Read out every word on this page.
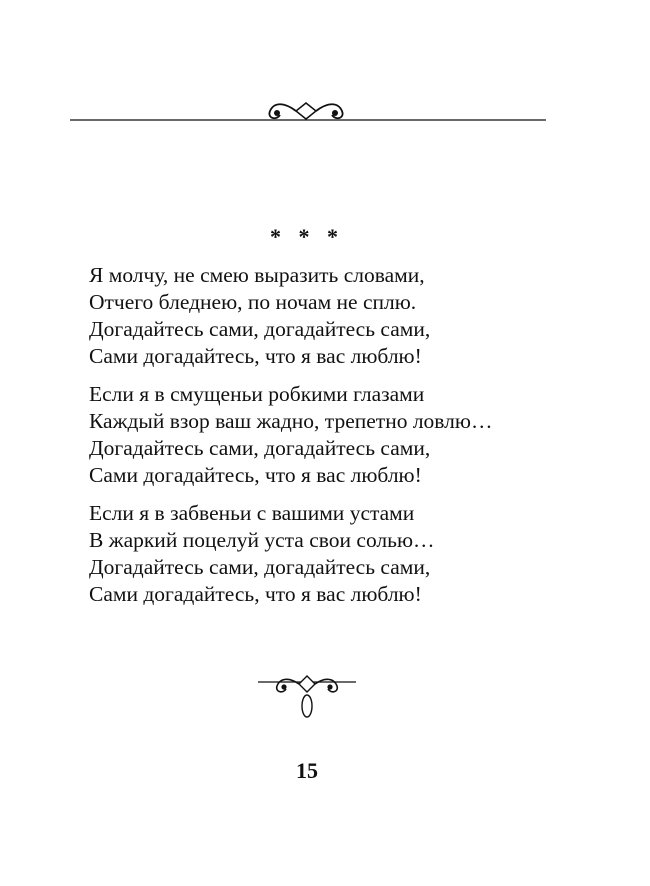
* * *
Я молчу, не смею выразить словами,
Отчего бледнею, по ночам не сплю.
Догадайтесь сами, догадайтесь сами,
Сами догадайтесь, что я вас люблю!
Если я в смущеньи робкими глазами
Каждый взор ваш жадно, трепетно ловлю…
Догадайтесь сами, догадайтесь сами,
Сами догадайтесь, что я вас люблю!
Если я в забвеньи с вашими устами
В жаркий поцелуй уста свои солью…
Догадайтесь сами, догадайтесь сами,
Сами догадайтесь, что я вас люблю!
15
